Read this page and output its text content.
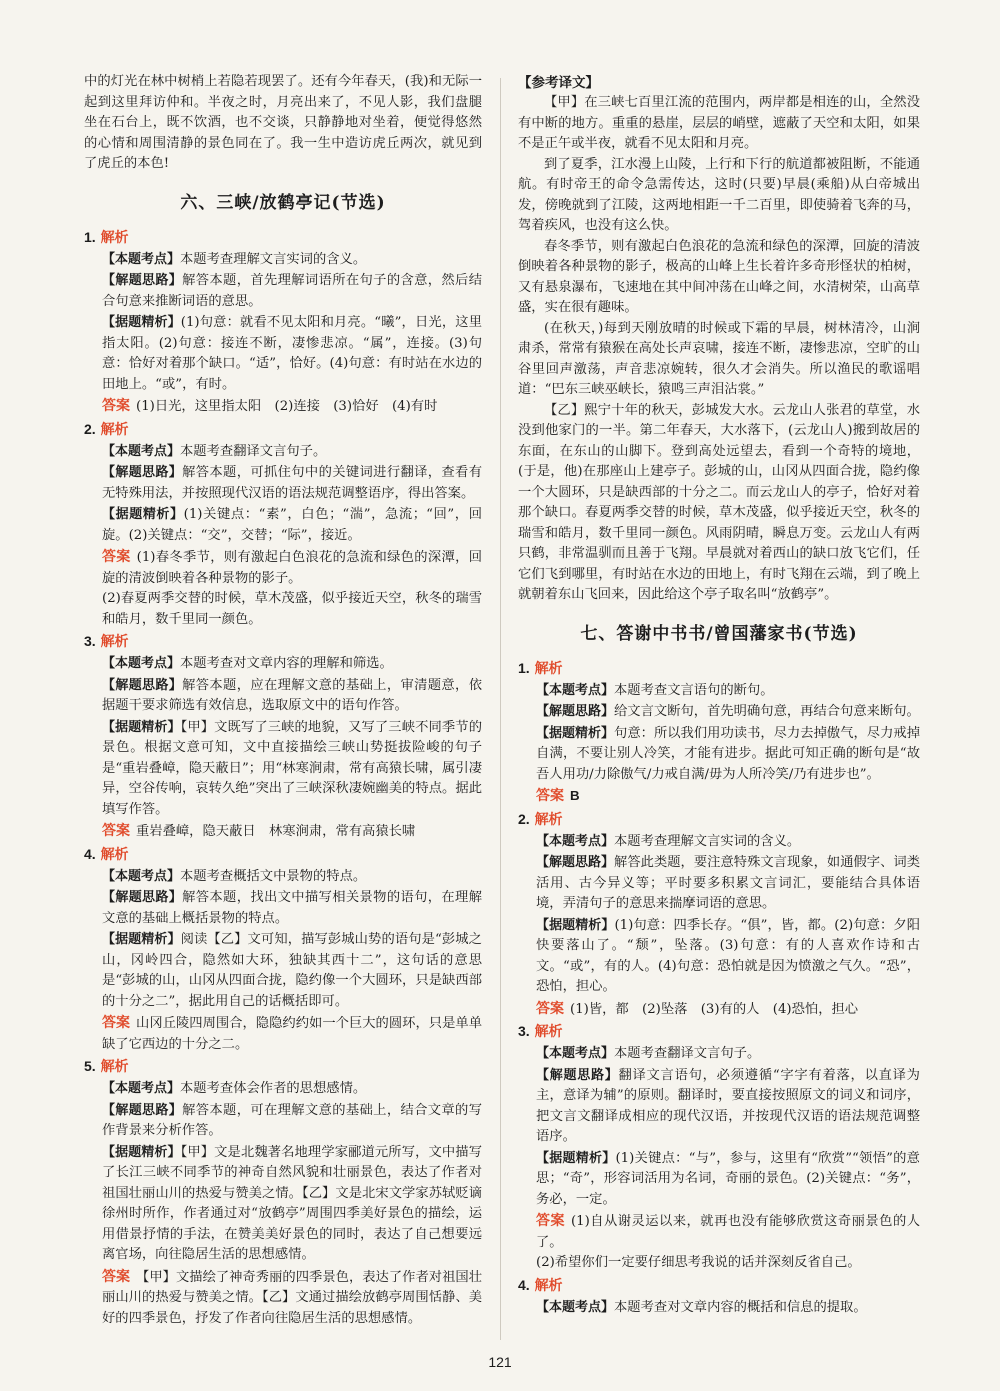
中的灯光在林中树梢上若隐若现罢了。还有今年春天，(我)和无际一起到这里拜访仲和。半夜之时，月亮出来了，不见人影，我们盘腿坐在石台上，既不饮酒，也不交谈，只静静地对坐着，便觉得悠然的心情和周围清静的景色同在了。我一生中造访虎丘两次，就见到了虎丘的本色!

六、三峡/放鹤亭记(节选)
1. 解析

【本题考点】本题考查理解文言实词的含义。

【解题思路】解答本题，首先理解词语所在句子的含意，然后结合句意来推断词语的意思。

【据题精析】(1)句意：就看不见太阳和月亮。“曦”，日光，这里指太阳。(2)句意：接连不断，凄惨悲凉。“属”，连接。(3)句意：恰好对着那个缺口。“适”，恰好。(4)句意：有时站在水边的田地上。“或”，有时。

答案 (1)日光，这里指太阳　(2)连接　(3)恰好　(4)有时

2. 解析

【本题考点】本题考查翻译文言句子。

【解题思路】解答本题，可抓住句中的关键词进行翻译，查看有无特殊用法，并按照现代汉语的语法规范调整语序，得出答案。

【据题精析】(1)关键点：“素”，白色；“湍”，急流；“回”，回旋。(2)关键点：“交”，交替；“际”，接近。

答案 (1)春冬季节，则有激起白色浪花的急流和绿色的深潭，回旋的清波倒映着各种景物的影子。

(2)春夏两季交替的时候，草木茂盛，似乎接近天空，秋冬的瑞雪和皓月，数千里同一颜色。

3. 解析

【本题考点】本题考查对文章内容的理解和筛选。

【解题思路】解答本题，应在理解文意的基础上，审清题意，依据题干要求筛选有效信息，选取原文中的语句作答。

【据题精析】【甲】文既写了三峡的地貌，又写了三峡不同季节的景色。根据文意可知，文中直接描绘三峡山势挺拔险峻的句子是“重岩叠嶂，隐天蔽日”；用“林寒涧肃，常有高猿长啸，属引凄异，空谷传响，哀转久绝”突出了三峡深秋凄婉幽美的特点。据此填写作答。

答案 重岩叠嶂，隐天蔽日　林寒涧肃，常有高猿长啸

4. 解析

【本题考点】本题考查概括文中景物的特点。

【解题思路】解答本题，找出文中描写相关景物的语句，在理解文意的基础上概括景物的特点。

【据题精析】阅读【乙】文可知，描写彭城山势的语句是“彭城之山，冈岭四合，隐然如大环，独缺其西十二”，这句话的意思是“彭城的山，山冈从四面合拢，隐约像一个大圆环，只是缺西部的十分之二”，据此用自己的话概括即可。

答案 山冈丘陵四周围合，隐隐约约如一个巨大的圆环，只是单单缺了它西边的十分之二。

5. 解析

【本题考点】本题考查体会作者的思想感情。

【解题思路】解答本题，可在理解文意的基础上，结合文章的写作背景来分析作答。

【据题精析】【甲】文是北魏著名地理学家郦道元所写，文中描写了长江三峡不同季节的神奇自然风貌和壮丽景色，表达了作者对祖国壮丽山川的热爱与赞美之情。【乙】文是北宋文学家苏轼贬谪徐州时所作，作者通过对“放鹤亭”周围四季美好景色的描绘，运用借景抒情的手法，在赞美美好景色的同时，表达了自己想要远离官场，向往隐居生活的思想感情。

答案 【甲】文描绘了神奇秀丽的四季景色，表达了作者对祖国壮丽山川的热爱与赞美之情。【乙】文通过描绘放鹤亭周围恬静、美好的四季景色，抒发了作者向往隐居生活的思想感情。

【参考译文】

【甲】在三峡七百里江流的范围内，两岸都是相连的山，全然没有中断的地方。重重的悬崖，层层的峭壁，遮蔽了天空和太阳，如果不是正午或半夜，就看不见太阳和月亮。

到了夏季，江水漫上山陵，上行和下行的航道都被阻断，不能通航。有时帝王的命令急需传达，这时(只要)早晨(乘船)从白帝城出发，傍晚就到了江陵，这两地相距一千二百里，即使骑着飞奔的马，驾着疾风，也没有这么快。

春冬季节，则有激起白色浪花的急流和绿色的深潭，回旋的清波倒映着各种景物的影子，极高的山峰上生长着许多奇形怪状的柏树，又有悬泉瀑布，飞速地在其中间冲荡在山峰之间，水清树荣，山高草盛，实在很有趣味。

(在秋天，)每到天刚放晴的时候或下霜的早晨，树林清冷，山涧肃杀，常常有猿猴在高处长声哀啸，接连不断，凄惨悲凉，空旷的山谷里回声激荡，声音悲凉婉转，很久才会消失。所以渔民的歌谣唱道：“巴东三峡巫峡长，猿鸣三声泪沾裳。”

【乙】熙宁十年的秋天，彭城发大水。云龙山人张君的草堂，水没到他家门的一半。第二年春天，大水落下，(云龙山人)搬到故居的东面，在东山的山脚下。登到高处远望去，看到一个奇特的境地，(于是，他)在那座山上建亭子。彭城的山，山冈从四面合拢，隐约像一个大圆环，只是缺西部的十分之二。而云龙山人的亭子，恰好对着那个缺口。春夏两季交替的时候，草木茂盛，似乎接近天空，秋冬的瑞雪和皓月，数千里同一颜色。风雨阴晴，瞬息万变。云龙山人有两只鹤，非常温驯而且善于飞翔。早晨就对着西山的缺口放飞它们，任它们飞到哪里，有时站在水边的田地上，有时飞翔在云端，到了晚上就朝着东山飞回来，因此给这个亭子取名叫“放鹤亭”。

七、答谢中书书/曾国藩家书(节选)
1. 解析

【本题考点】本题考查文言语句的断句。

【解题思路】给文言文断句，首先明确句意，再结合句意来断句。

【据题精析】句意：所以我们用功读书，尽力去掉傲气，尽力戒掉自满，不要让别人冷笑，才能有进步。据此可知正确的断句是“故吾人用功/力除傲气/力戒自满/毋为人所冷笑/乃有进步也”。

答案 B

2. 解析

【本题考点】本题考查理解文言实词的含义。

【解题思路】解答此类题，要注意特殊文言现象，如通假字、词类活用、古今异义等；平时要多积累文言词汇，要能结合具体语境，弄清句子的意思来揣摩词语的意思。

【据题精析】(1)句意：四季长存。“俱”，皆，都。(2)句意：夕阳快要落山了。“颓”，坠落。(3)句意：有的人喜欢作诗和古文。“或”，有的人。(4)句意：恐怕就是因为愤激之气久。“恐”，恐怕，担心。

答案 (1)皆，都　(2)坠落　(3)有的人　(4)恐怕，担心

3. 解析

【本题考点】本题考查翻译文言句子。

【解题思路】翻译文言语句，必须遵循“字字有着落，以直译为主，意译为辅”的原则。翻译时，要直接按照原文的词义和词序，把文言文翻译成相应的现代汉语，并按现代汉语的语法规范调整语序。

【据题精析】(1)关键点：“与”，参与，这里有“欣赏”“领悟”的意思；“奇”，形容词活用为名词，奇丽的景色。(2)关键点：“务”，务必，一定。

答案 (1)自从谢灵运以来，就再也没有能够欣赏这奇丽景色的人了。

(2)希望你们一定要仔细思考我说的话并深刻反省自己。

4. 解析

【本题考点】本题考查对文章内容的概括和信息的提取。

121
